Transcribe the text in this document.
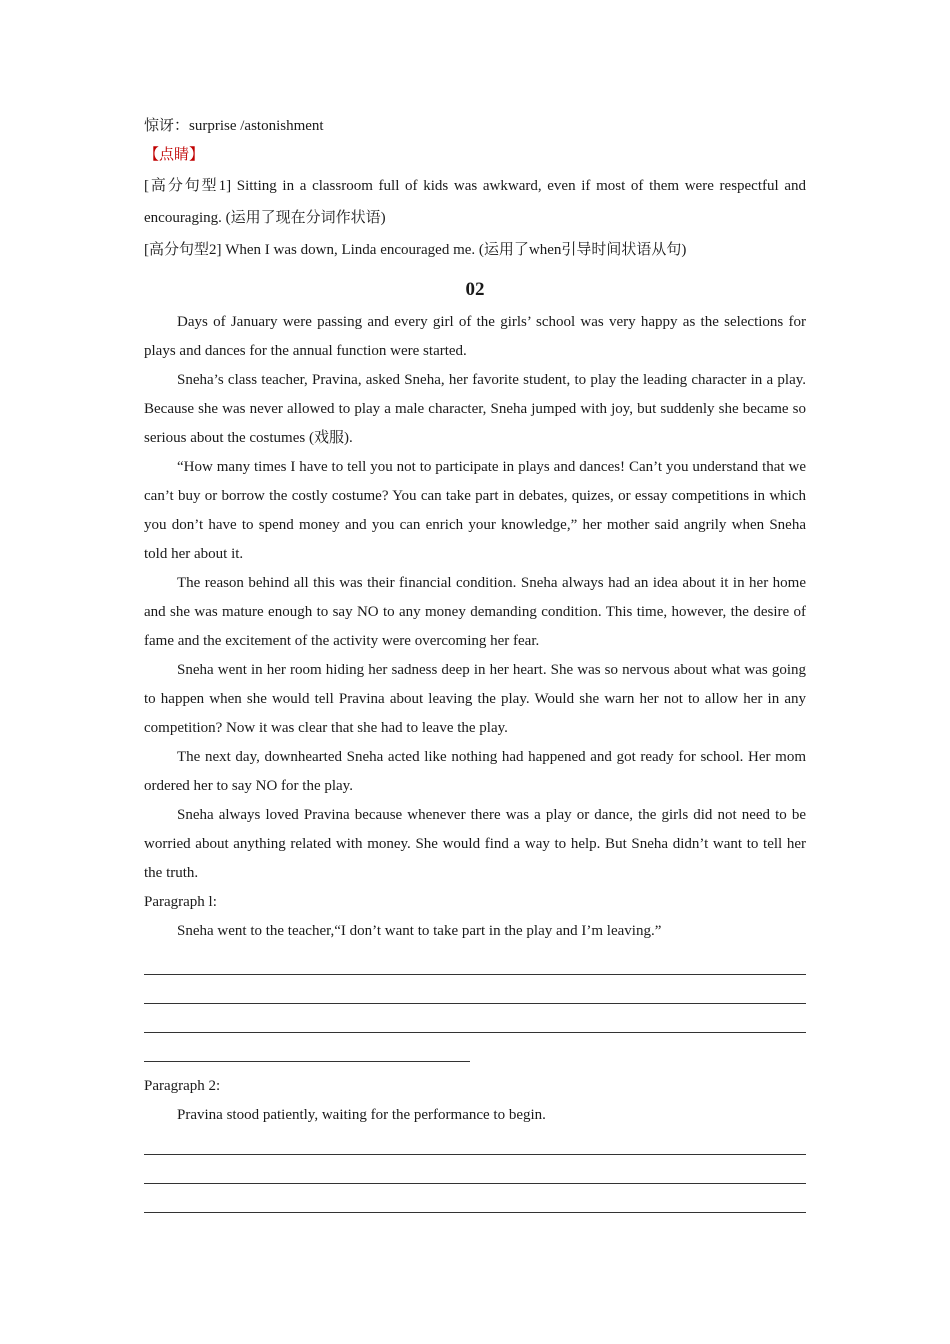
惊讶：surprise /astonishment
【点睛】

[高分句型1] Sitting in a classroom full of kids was awkward, even if most of them were respectful and encouraging. (运用了现在分词作状语)

[高分句型2] When I was down, Linda encouraged me. (运用了when引导时间状语从句)

02

Days of January were passing and every girl of the girls’ school was very happy as the selections for plays and dances for the annual function were started.

Sneha’s class teacher, Pravina, asked Sneha, her favorite student, to play the leading character in a play. Because she was never allowed to play a male character, Sneha jumped with joy, but suddenly she became so serious about the costumes (戏服).

“How many times I have to tell you not to participate in plays and dances! Can’t you understand that we can’t buy or borrow the costly costume? You can take part in debates, quizes, or essay competitions in which you don’t have to spend money and you can enrich your knowledge,” her mother said angrily when Sneha told her about it.

The reason behind all this was their financial condition. Sneha always had an idea about it in her home and she was mature enough to say NO to any money demanding condition. This time, however, the desire of fame and the excitement of the activity were overcoming her fear.

Sneha went in her room hiding her sadness deep in her heart. She was so nervous about what was going to happen when she would tell Pravina about leaving the play. Would she warn her not to allow her in any competition? Now it was clear that she had to leave the play.

The next day, downhearted Sneha acted like nothing had happened and got ready for school. Her mom ordered her to say NO for the play.

Sneha always loved Pravina because whenever there was a play or dance, the girls did not need to be worried about anything related with money. She would find a way to help. But Sneha didn’t want to tell her the truth.

Paragraph l:

Sneha went to the teacher,“I don’t want to take part in the play and I’m leaving.”

Paragraph 2:

Pravina stood patiently, waiting for the performance to begin.
